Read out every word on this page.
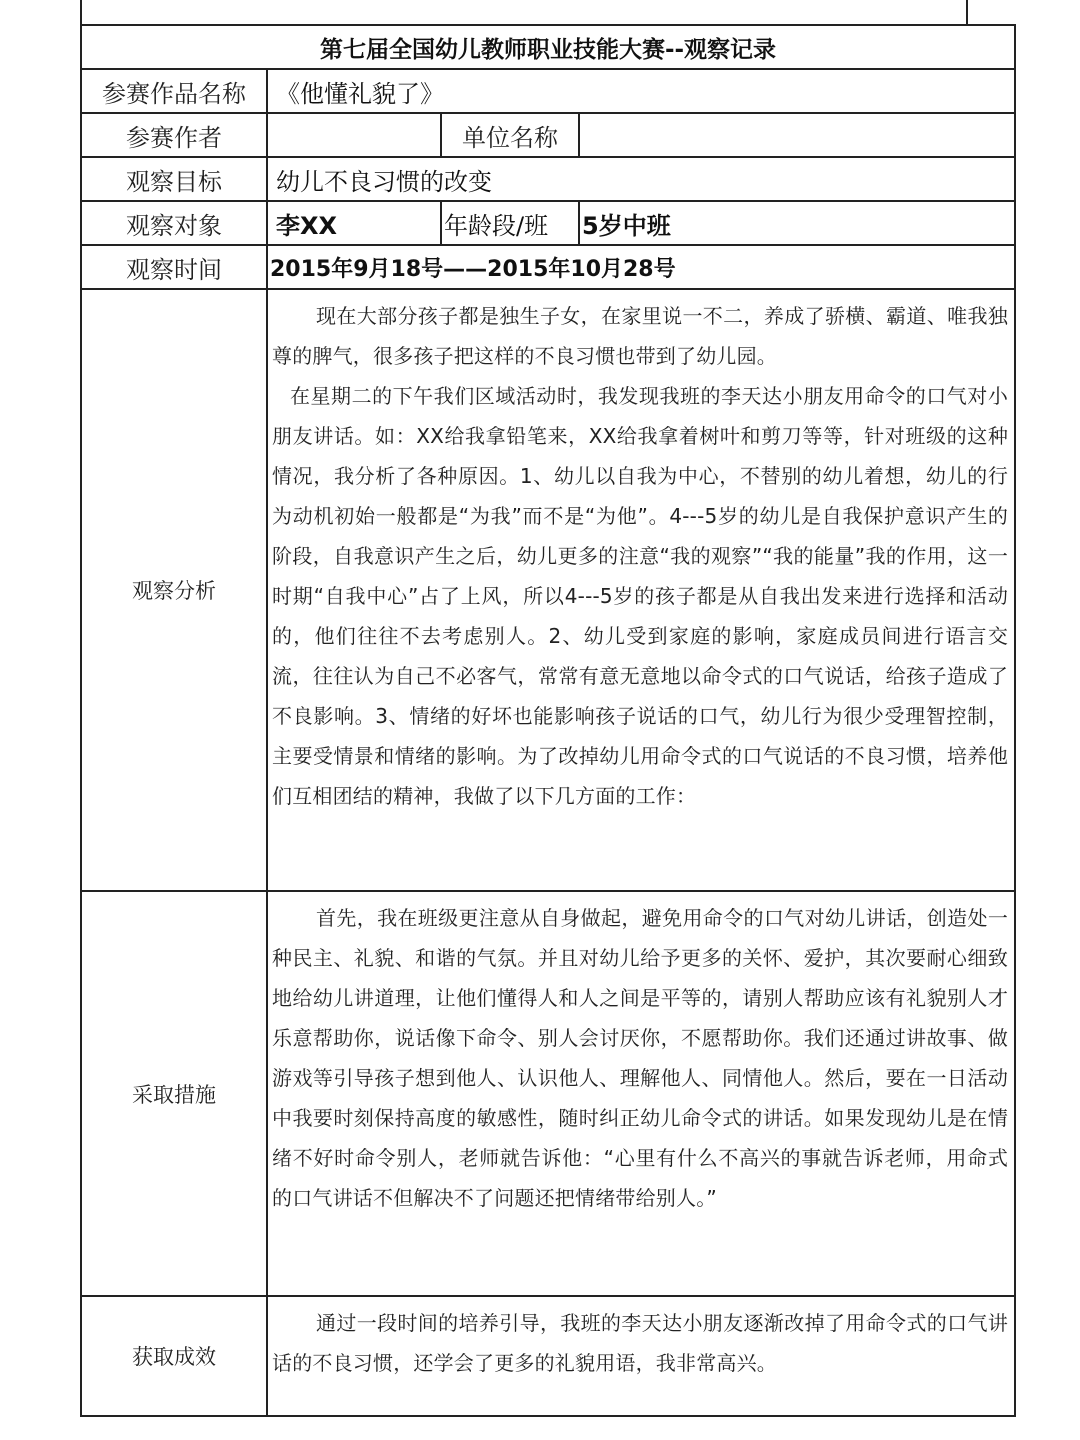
第七届全国幼儿教师职业技能大赛--观察记录			
参赛作品名称	《他懂礼貌了》		
参赛作者		单位名称	
观察目标	幼儿不良习惯的改变		
观察对象	李XX	年龄段/班	5岁中班
观察时间	2015年9月18号——2015年10月28号		
观察分析	现在大部分孩子都是独生子女，在家里说一不二，养成了骄横、霸道、唯我独尊的脾气，很多孩子把这样的不良习惯也带到了幼儿园。

在星期二的下午我们区域活动时，我发现我班的李天达小朋友用命令的口气对小朋友讲话。如：XX给我拿铅笔来，XX给我拿着树叶和剪刀等等，针对班级的这种情况，我分析了各种原因。1、幼儿以自我为中心，不替别的幼儿着想，幼儿的行为动机初始一般都是“为我”而不是“为他”。4---5岁的幼儿是自我保护意识产生的阶段，自我意识产生之后，幼儿更多的注意“我的观察”“我的能量”我的作用，这一时期“自我中心”占了上风，所以4---5岁的孩子都是从自我出发来进行选择和活动的，他们往往不去考虑别人。2、幼儿受到家庭的影响，家庭成员间进行语言交流，往往认为自己不必客气，常常有意无意地以命令式的口气说话，给孩子造成了不良影响。3、情绪的好坏也能影响孩子说话的口气，幼儿行为很少受理智控制，主要受情景和情绪的影响。为了改掉幼儿用命令式的口气说话的不良习惯，培养他们互相团结的精神，我做了以下几方面的工作：		

采取措施	首先，我在班级更注意从自身做起，避免用命令的口气对幼儿讲话，创造处一种民主、礼貌、和谐的气氛。并且对幼儿给予更多的关怀、爱护，其次要耐心细致地给幼儿讲道理，让他们懂得人和人之间是平等的，请别人帮助应该有礼貌别人才乐意帮助你，说话像下命令、别人会讨厌你，不愿帮助你。我们还通过讲故事、做游戏等引导孩子想到他人、认识他人、理解他人、同情他人。然后，要在一日活动中我要时刻保持高度的敏感性，随时纠正幼儿命令式的讲话。如果发现幼儿是在情绪不好时命令别人，老师就告诉他：“心里有什么不高兴的事就告诉老师，用命式的口气讲话不但解决不了问题还把情绪带给别人。”		

获取成效	通过一段时间的培养引导，我班的李天达小朋友逐渐改掉了用命令式的口气讲话的不良习惯，还学会了更多的礼貌用语，我非常高兴。		
